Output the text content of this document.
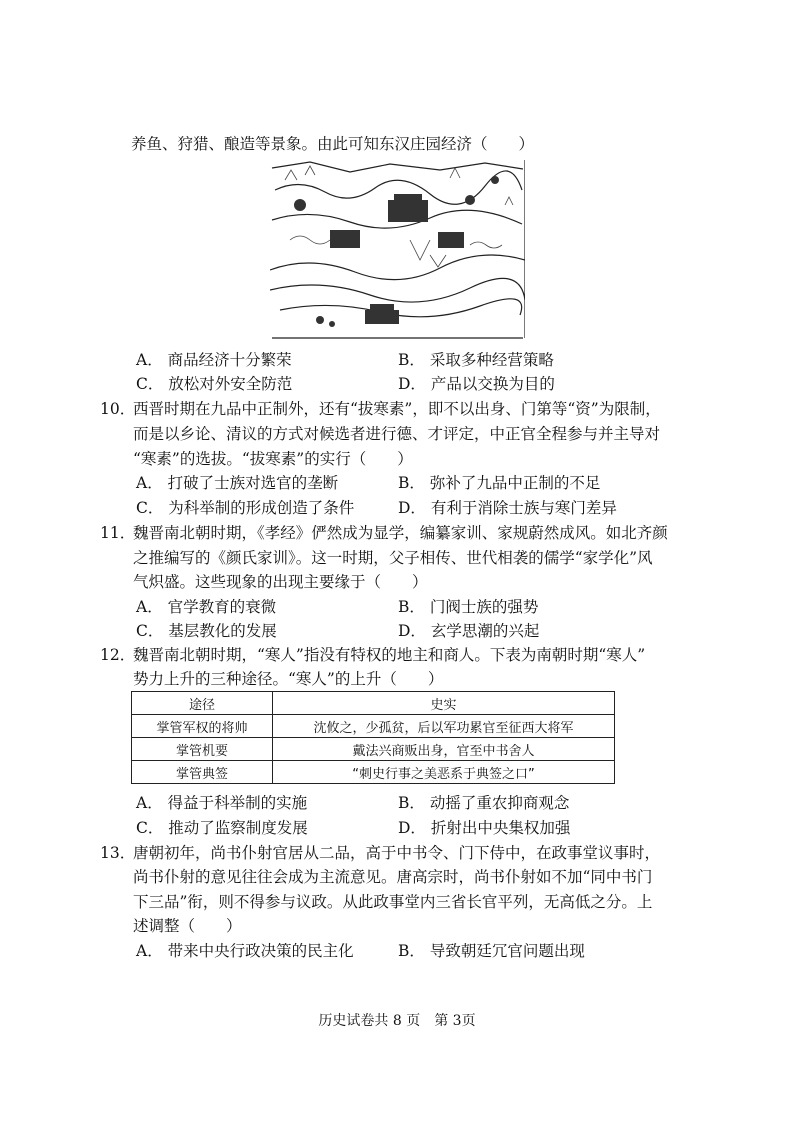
养鱼、狩猎、酿造等景象。由此可知东汉庄园经济（　　）
A． 商品经济十分繁荣	B． 采取多种经营策略
C． 放松对外安全防范	D． 产品以交换为目的
10．
西晋时期在九品中正制外，还有“拔寒素”，即不以出身、门第等“资”为限制，
而是以乡论、清议的方式对候选者进行德、才评定，中正官全程参与并主导对
“寒素”的选拔。“拔寒素”的实行（　　）
A． 打破了士族对选官的垄断	B． 弥补了九品中正制的不足
C． 为科举制的形成创造了条件	D． 有利于消除士族与寒门差异
11．
魏晋南北朝时期，《孝经》俨然成为显学，编纂家训、家规蔚然成风。如北齐颜
之推编写的《颜氏家训》。这一时期，父子相传、世代相袭的儒学“家学化”风
气炽盛。这些现象的出现主要缘于（　　）
A． 官学教育的衰微	B． 门阀士族的强势
C． 基层教化的发展	D． 玄学思潮的兴起
12．
魏晋南北朝时期，“寒人”指没有特权的地主和商人。下表为南朝时期“寒人”
势力上升的三种途径。“寒人”的上升（　　）
途径	史实
掌管军权的将帅	沈攸之，少孤贫，后以军功累官至征西大将军
掌管机要	戴法兴商贩出身，官至中书舍人
掌管典签	“刺史行事之美恶系于典签之口”
A． 得益于科举制的实施	B． 动摇了重农抑商观念
C． 推动了监察制度发展	D． 折射出中央集权加强
13．
唐朝初年，尚书仆射官居从二品，高于中书令、门下侍中，在政事堂议事时，
尚书仆射的意见往往会成为主流意见。唐高宗时，尚书仆射如不加“同中书门
下三品”衔，则不得参与议政。从此政事堂内三省长官平列，无高低之分。上
述调整（　　）
A． 带来中央行政决策的民主化	B． 导致朝廷冗官问题出现
历史试卷共 8 页　第 3页
